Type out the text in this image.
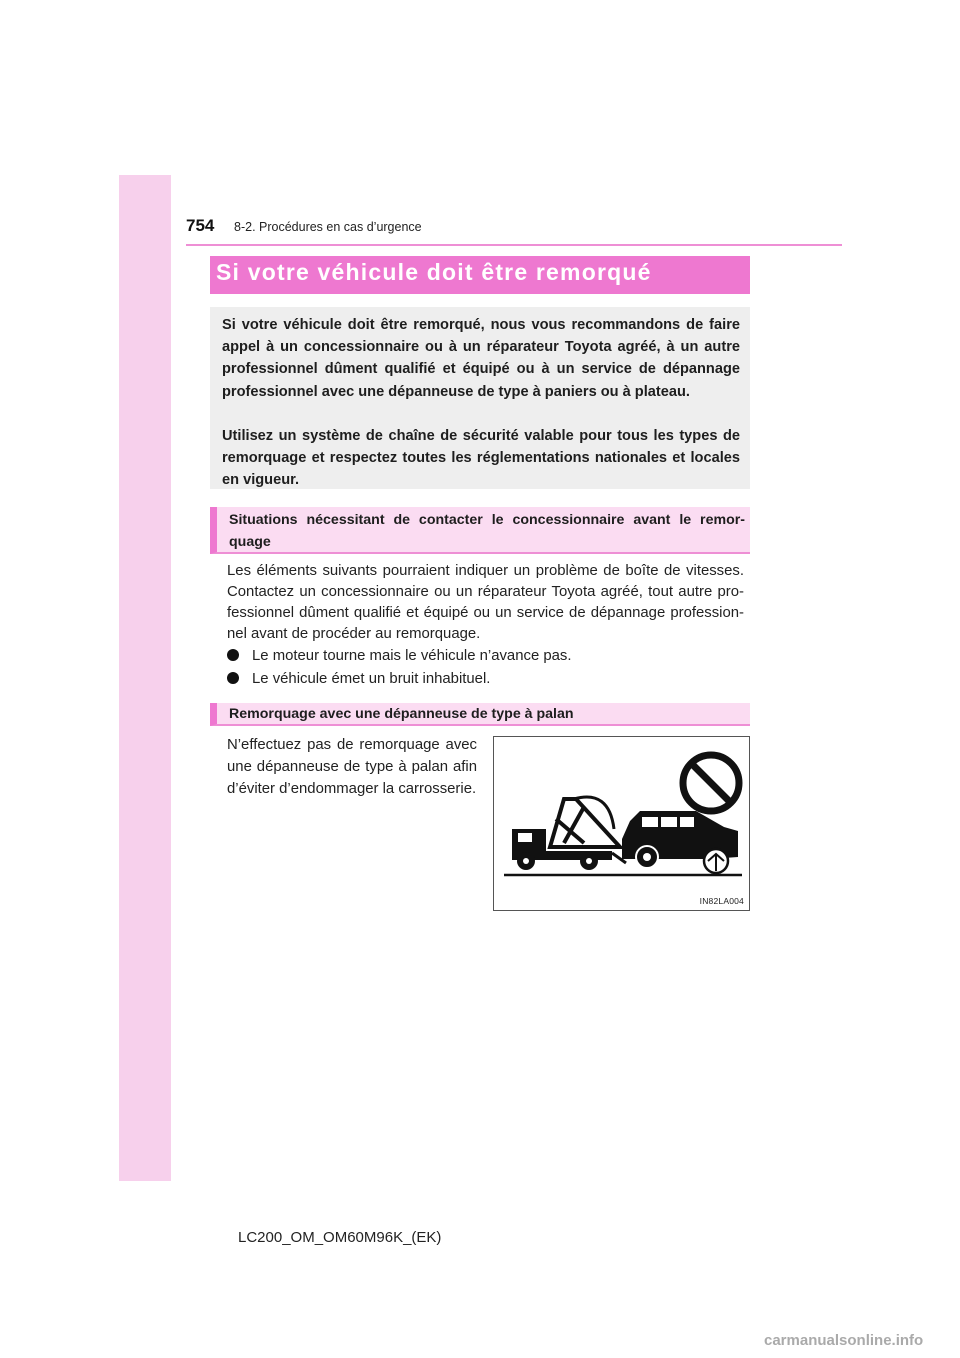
754 8-2. Procédures en cas d’urgence
Si votre véhicule doit être remorqué

Si votre véhicule doit être remorqué, nous vous recommandons de faire appel à un concessionnaire ou à un réparateur Toyota agréé, à un autre professionnel dûment qualifié et équipé ou à un service de dépannage professionnel avec une dépanneuse de type à paniers ou à plateau.

Utilisez un système de chaîne de sécurité valable pour tous les types de remorquage et respectez toutes les réglementations nationales et locales en vigueur.

Situations nécessitant de contacter le concessionnaire avant le remor-quage

Les éléments suivants pourraient indiquer un problème de boîte de vitesses. Contactez un concessionnaire ou un réparateur Toyota agréé, tout autre pro-fessionnel dûment qualifié et équipé ou un service de dépannage profession-nel avant de procéder au remorquage.

Le moteur tourne mais le véhicule n’avance pas.
Le véhicule émet un bruit inhabituel.

Remorquage avec une dépanneuse de type à palan

N’effectuez pas de remorquage avec une dépanneuse de type à palan afin d’éviter d’endommager la carrosserie.

IN82LA004
LC200_OM_OM60M96K_(EK)
carmanualsonline.info
